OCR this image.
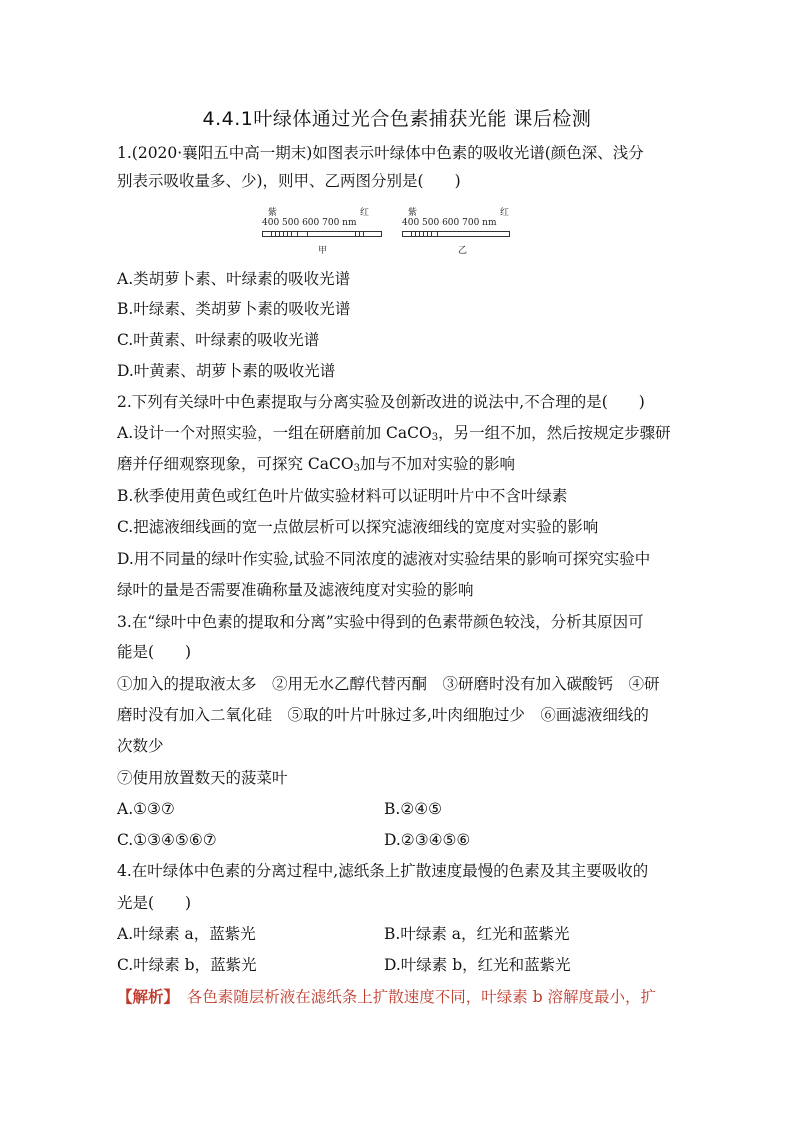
4.4.1叶绿体通过光合色素捕获光能 课后检测
1.(2020·襄阳五中高一期末)如图表示叶绿体中色素的吸收光谱(颜色深、浅分
别表示吸收量多、少)，则甲、乙两图分别是(　　)
紫	红
400 500 600 700 nm
甲
紫	红
400 500 600 700 nm
乙
A.类胡萝卜素、叶绿素的吸收光谱
B.叶绿素、类胡萝卜素的吸收光谱
C.叶黄素、叶绿素的吸收光谱
D.叶黄素、胡萝卜素的吸收光谱
2.下列有关绿叶中色素提取与分离实验及创新改进的说法中,不合理的是(　　)
A.设计一个对照实验，一组在研磨前加 CaCO$_3$，另一组不加，然后按规定步骤研
磨并仔细观察现象，可探究 CaCO$_3$加与不加对实验的影响
B.秋季使用黄色或红色叶片做实验材料可以证明叶片中不含叶绿素
C.把滤液细线画的宽一点做层析可以探究滤液细线的宽度对实验的影响
D.用不同量的绿叶作实验,试验不同浓度的滤液对实验结果的影响可探究实验中
绿叶的量是否需要准确称量及滤液纯度对实验的影响
3.在“绿叶中色素的提取和分离”实验中得到的色素带颜色较浅，分析其原因可
能是(　　)
①加入的提取液太多　②用无水乙醇代替丙酮　③研磨时没有加入碳酸钙　④研
磨时没有加入二氧化硅　⑤取的叶片叶脉过多,叶肉细胞过少　⑥画滤液细线的
次数少
⑦使用放置数天的菠菜叶
A.①③⑦	B.②④⑤
C.①③④⑤⑥⑦	D.②③④⑤⑥
4.在叶绿体中色素的分离过程中,滤纸条上扩散速度最慢的色素及其主要吸收的
光是(　　)
A.叶绿素 a，蓝紫光	B.叶绿素 a，红光和蓝紫光
C.叶绿素 b，蓝紫光	D.叶绿素 b，红光和蓝紫光
【解析】　各色素随层析液在滤纸条上扩散速度不同，叶绿素 b 溶解度最小，扩
